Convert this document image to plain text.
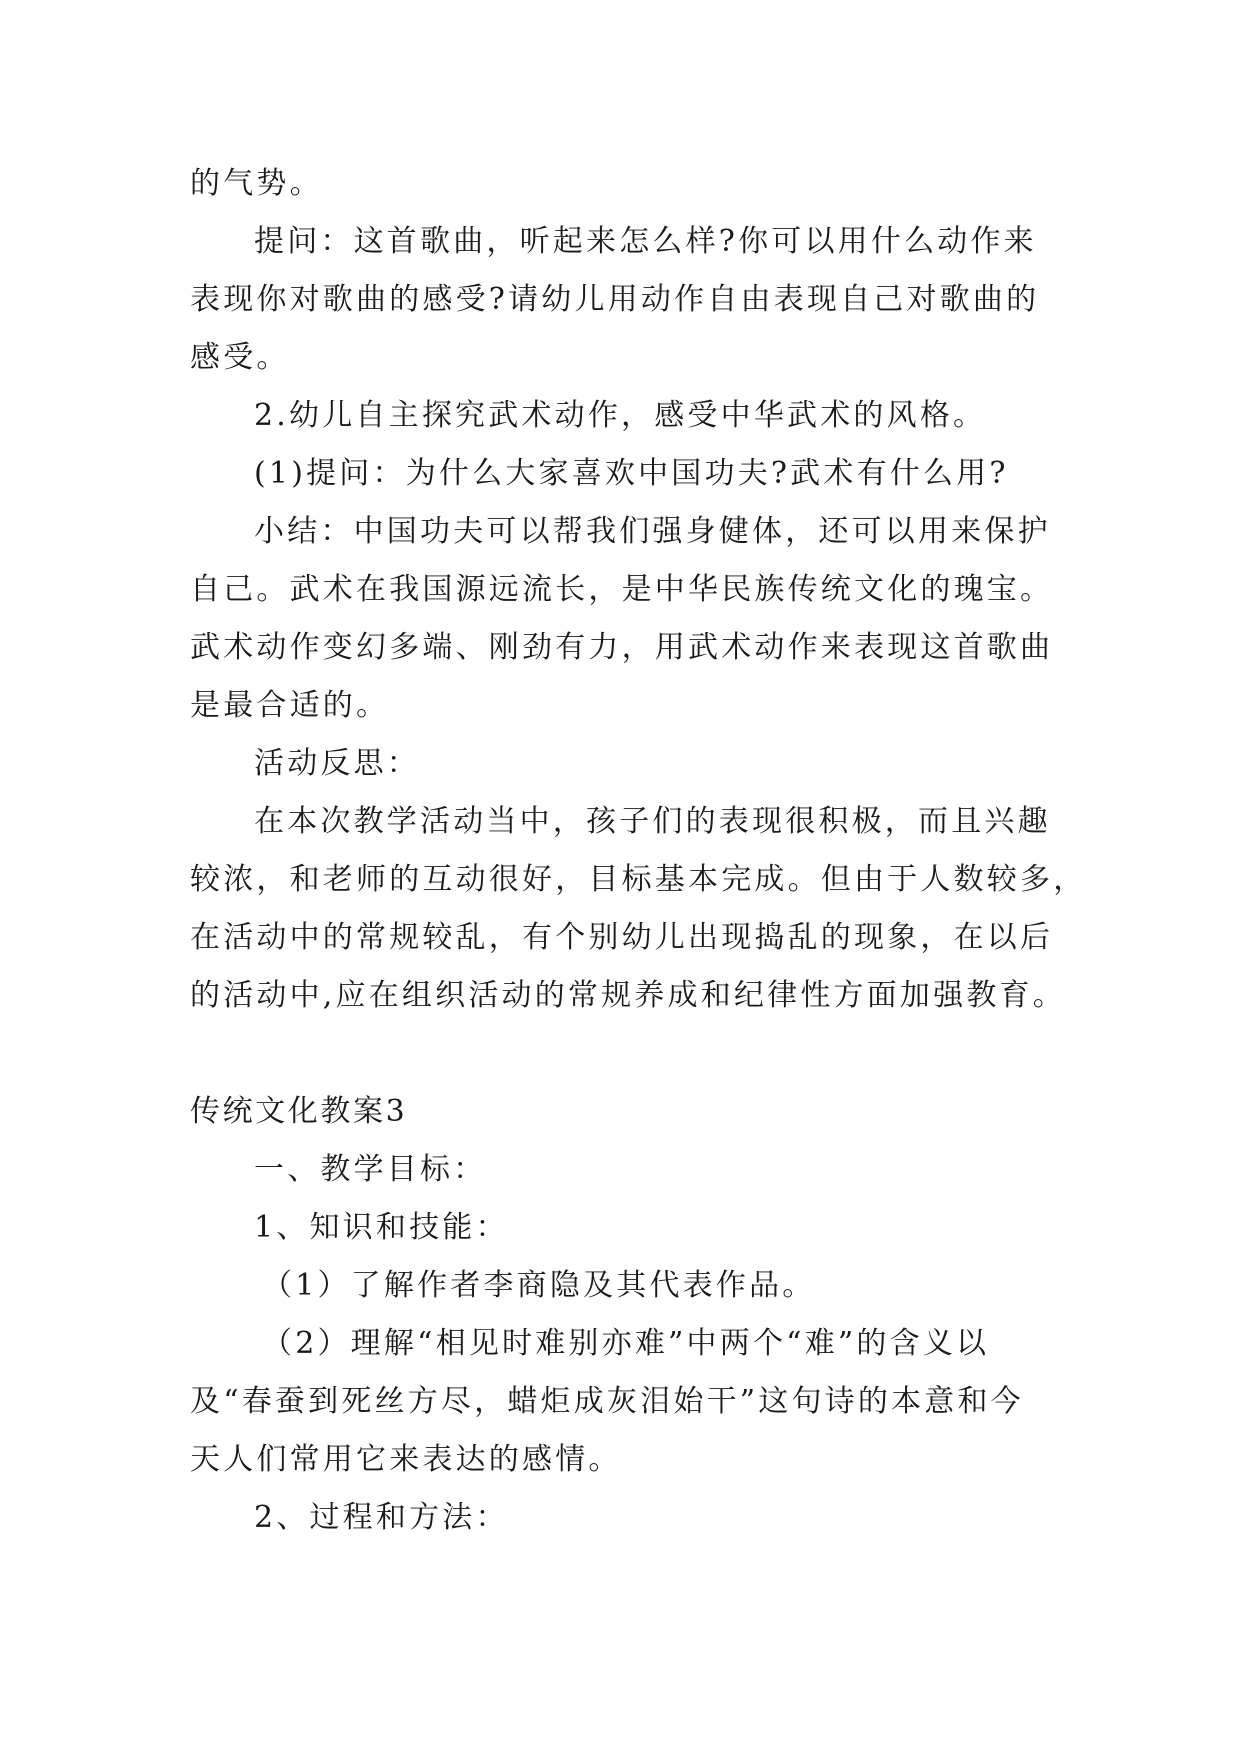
的气势。
提问：这首歌曲，听起来怎么样?你可以用什么动作来
表现你对歌曲的感受?请幼儿用动作自由表现自己对歌曲的
感受。
2.幼儿自主探究武术动作，感受中华武术的风格。
(1)提问：为什么大家喜欢中国功夫?武术有什么用?
小结：中国功夫可以帮我们强身健体，还可以用来保护
自己。武术在我国源远流长，是中华民族传统文化的瑰宝。
武术动作变幻多端、刚劲有力，用武术动作来表现这首歌曲
是最合适的。
活动反思：
在本次教学活动当中，孩子们的表现很积极，而且兴趣
较浓，和老师的互动很好，目标基本完成。但由于人数较多，
在活动中的常规较乱，有个别幼儿出现捣乱的现象，在以后
的活动中,应在组织活动的常规养成和纪律性方面加强教育。
传统文化教案3
一、教学目标：
1、知识和技能：
（1）了解作者李商隐及其代表作品。
（2）理解“相见时难别亦难”中两个“难”的含义以
及“春蚕到死丝方尽，蜡炬成灰泪始干”这句诗的本意和今
天人们常用它来表达的感情。
2、过程和方法：
